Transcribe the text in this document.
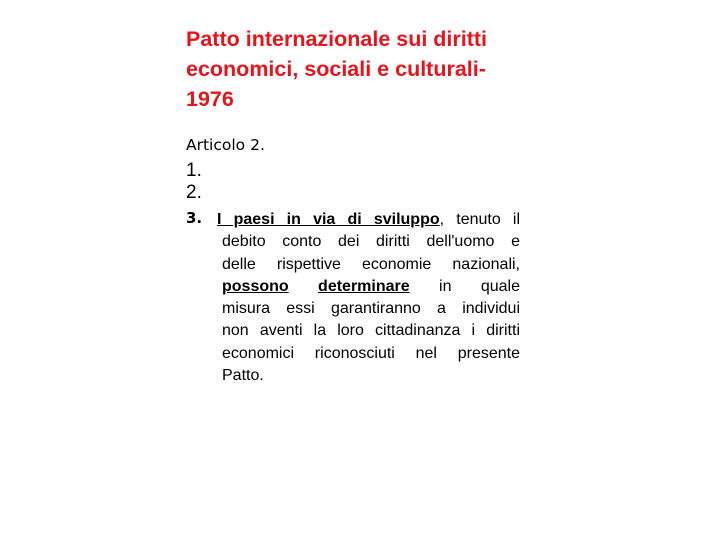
Patto internazionale sui diritti
economici, sociali e culturali-
1976
Articolo 2.
1.
2.
3. I paesi in via di sviluppo, tenuto il
debito conto dei diritti dell'uomo e
delle rispettive economie nazionali,
possono determinare in quale
misura essi garantiranno a individui
non aventi la loro cittadinanza i diritti
economici riconosciuti nel presente
Patto.
